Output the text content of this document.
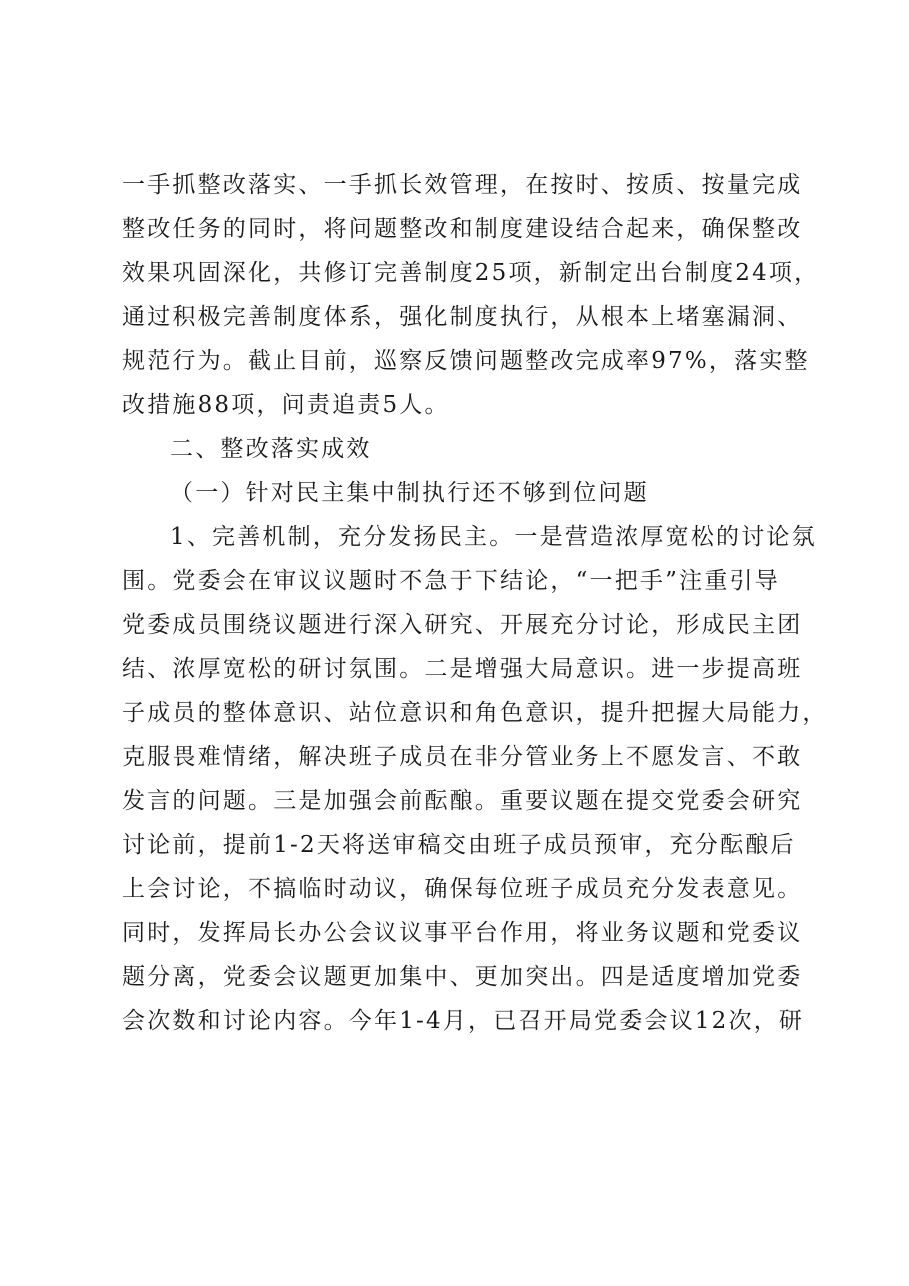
一手抓整改落实、一手抓长效管理，在按时、按质、按量完成
整改任务的同时，将问题整改和制度建设结合起来，确保整改
效果巩固深化，共修订完善制度25项，新制定出台制度24项，
通过积极完善制度体系，强化制度执行，从根本上堵塞漏洞、
规范行为。截止目前，巡察反馈问题整改完成率97%，落实整
改措施88项，问责追责5人。
二、整改落实成效
（一）针对民主集中制执行还不够到位问题
1、完善机制，充分发扬民主。一是营造浓厚宽松的讨论氛
围。党委会在审议议题时不急于下结论，“一把手”注重引导
党委成员围绕议题进行深入研究、开展充分讨论，形成民主团
结、浓厚宽松的研讨氛围。二是增强大局意识。进一步提高班
子成员的整体意识、站位意识和角色意识，提升把握大局能力，
克服畏难情绪，解决班子成员在非分管业务上不愿发言、不敢
发言的问题。三是加强会前酝酿。重要议题在提交党委会研究
讨论前，提前1-2天将送审稿交由班子成员预审，充分酝酿后
上会讨论，不搞临时动议，确保每位班子成员充分发表意见。
同时，发挥局长办公会议议事平台作用，将业务议题和党委议
题分离，党委会议题更加集中、更加突出。四是适度增加党委
会次数和讨论内容。今年1-4月，已召开局党委会议12次，研
